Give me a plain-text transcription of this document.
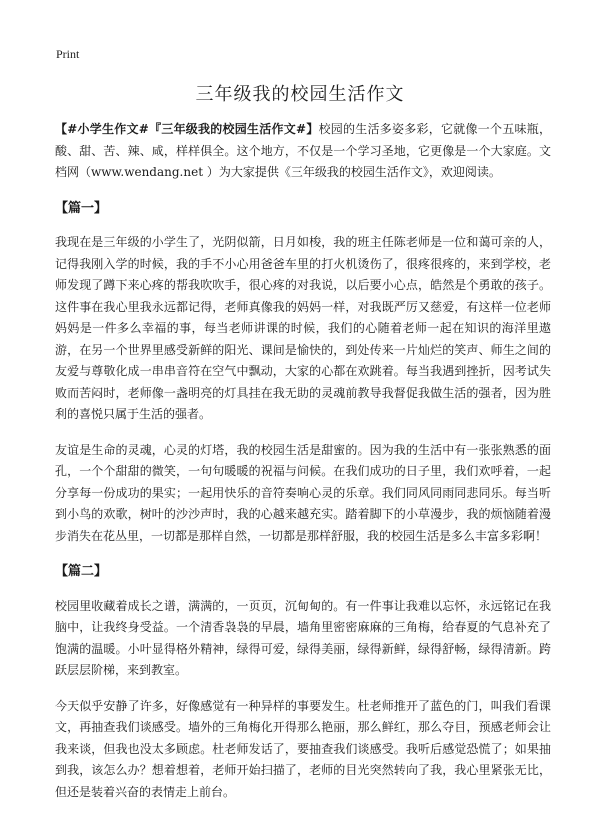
Print
三年级我的校园生活作文

【#小学生作文#『三年级我的校园生活作文#】校园的生活多姿多彩，它就像一个五味瓶，酸、甜、苦、辣、咸，样样俱全。这个地方，不仅是一个学习圣地，它更像是一个大家庭。文档网（www.wendang.net ）为大家提供《三年级我的校园生活作文》，欢迎阅读。

【篇一】

我现在是三年级的小学生了，光阴似箭，日月如梭，我的班主任陈老师是一位和蔼可亲的人，记得我刚入学的时候，我的手不小心用爸爸车里的打火机烫伤了，很疼很疼的，来到学校，老师发现了蹲下来心疼的帮我吹吹手，很心疼的对我说，以后要小心点，皓然是个勇敢的孩子。这件事在我心里我永远都记得，老师真像我的妈妈一样，对我既严厉又慈爱，有这样一位老师妈妈是一件多么幸福的事，每当老师讲课的时候，我们的心随着老师一起在知识的海洋里遨游，在另一个世界里感受新鲜的阳光、课间是愉快的，到处传来一片灿烂的笑声、师生之间的友爱与尊敬化成一串串音符在空气中飘动，大家的心都在欢跳着。每当我遇到挫折，因考试失败而苦闷时，老师像一盏明亮的灯具挂在我无助的灵魂前教导我督促我做生活的强者，因为胜利的喜悦只属于生活的强者。

友谊是生命的灵魂，心灵的灯塔，我的校园生活是甜蜜的。因为我的生活中有一张张熟悉的面孔，一个个甜甜的微笑，一句句暖暖的祝福与问候。在我们成功的日子里，我们欢呼着，一起分享每一份成功的果实；一起用快乐的音符奏响心灵的乐章。我们同风同雨同悲同乐。每当听到小鸟的欢歌，树叶的沙沙声时，我的心越来越充实。踏着脚下的小草漫步，我的烦恼随着漫步消失在花丛里，一切都是那样自然，一切都是那样舒服，我的校园生活是多么丰富多彩啊！

【篇二】

校园里收藏着成长之谱，满满的，一页页，沉甸甸的。有一件事让我难以忘怀，永远铭记在我脑中，让我终身受益。一个清香袅袅的早晨，墙角里密密麻麻的三角梅，给春夏的气息补充了饱满的温暖。小叶显得格外精神，绿得可爱，绿得美丽，绿得新鲜，绿得舒畅，绿得清新。跨跃层层阶梯，来到教室。

今天似乎安静了许多，好像感觉有一种异样的事要发生。杜老师推开了蓝色的门，叫我们看课文，再抽查我们谈感受。墙外的三角梅化开得那么艳丽，那么鲜红，那么夺目，预感老师会让我来谈，但我也没太多顾虑。杜老师发话了，要抽查我们谈感受。我听后感觉恐慌了；如果抽到我，该怎么办？想着想着，老师开始扫描了，老师的目光突然转向了我，我心里紧张无比，但还是装着兴奋的表情走上前台。
